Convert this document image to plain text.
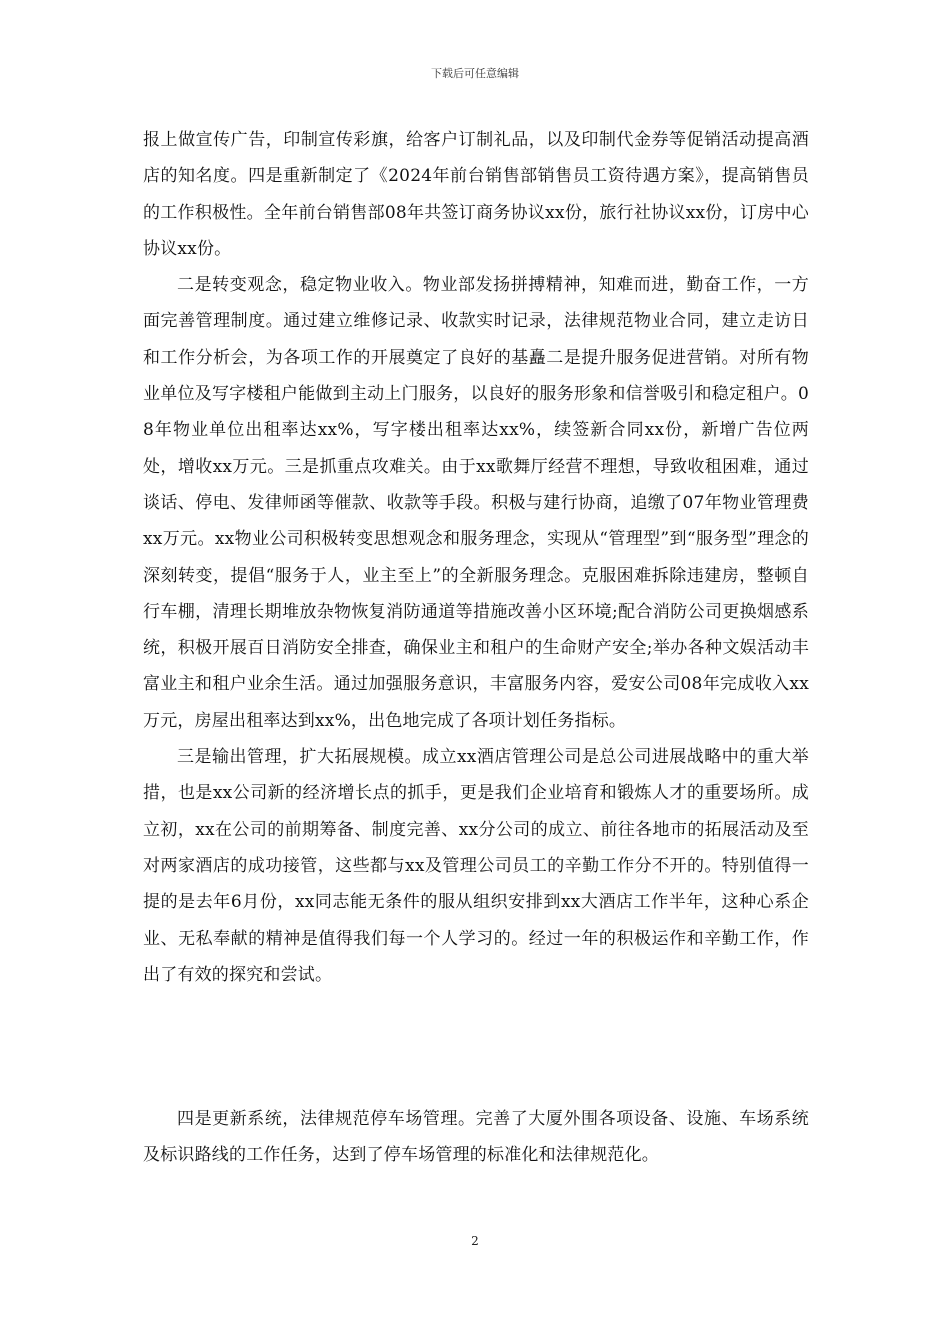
下载后可任意编辑

报上做宣传广告，印制宣传彩旗，给客户订制礼品，以及印制代金券等促销活动提高酒店的知名度。四是重新制定了《2024年前台销售部销售员工资待遇方案》，提高销售员的工作积极性。全年前台销售部08年共签订商务协议xx份，旅行社协议xx份，订房中心协议xx份。

二是转变观念，稳定物业收入。物业部发扬拼搏精神，知难而进，勤奋工作，一方面完善管理制度。通过建立维修记录、收款实时记录，法律规范物业合同，建立走访日和工作分析会，为各项工作的开展奠定了良好的基矗二是提升服务促进营销。对所有物业单位及写字楼租户能做到主动上门服务，以良好的服务形象和信誉吸引和稳定租户。08年物业单位出租率达xx%，写字楼出租率达xx%，续签新合同xx份，新增广告位两处，增收xx万元。三是抓重点攻难关。由于xx歌舞厅经营不理想，导致收租困难，通过谈话、停电、发律师函等催款、收款等手段。积极与建行协商，追缴了07年物业管理费xx万元。xx物业公司积极转变思想观念和服务理念，实现从“管理型”到“服务型”理念的深刻转变，提倡“服务于人，业主至上”的全新服务理念。克服困难拆除违建房，整顿自行车棚，清理长期堆放杂物恢复消防通道等措施改善小区环境;配合消防公司更换烟感系统，积极开展百日消防安全排查，确保业主和租户的生命财产安全;举办各种文娱活动丰富业主和租户业余生活。通过加强服务意识，丰富服务内容，爱安公司08年完成收入xx万元，房屋出租率达到xx%，出色地完成了各项计划任务指标。

三是输出管理，扩大拓展规模。成立xx酒店管理公司是总公司进展战略中的重大举措，也是xx公司新的经济增长点的抓手，更是我们企业培育和锻炼人才的重要场所。成立初，xx在公司的前期筹备、制度完善、xx分公司的成立、前往各地市的拓展活动及至对两家酒店的成功接管，这些都与xx及管理公司员工的辛勤工作分不开的。特别值得一提的是去年6月份，xx同志能无条件的服从组织安排到xx大酒店工作半年，这种心系企业、无私奉献的精神是值得我们每一个人学习的。经过一年的积极运作和辛勤工作，作出了有效的探究和尝试。

四是更新系统，法律规范停车场管理。完善了大厦外围各项设备、设施、车场系统及标识路线的工作任务，达到了停车场管理的标准化和法律规范化。

2
